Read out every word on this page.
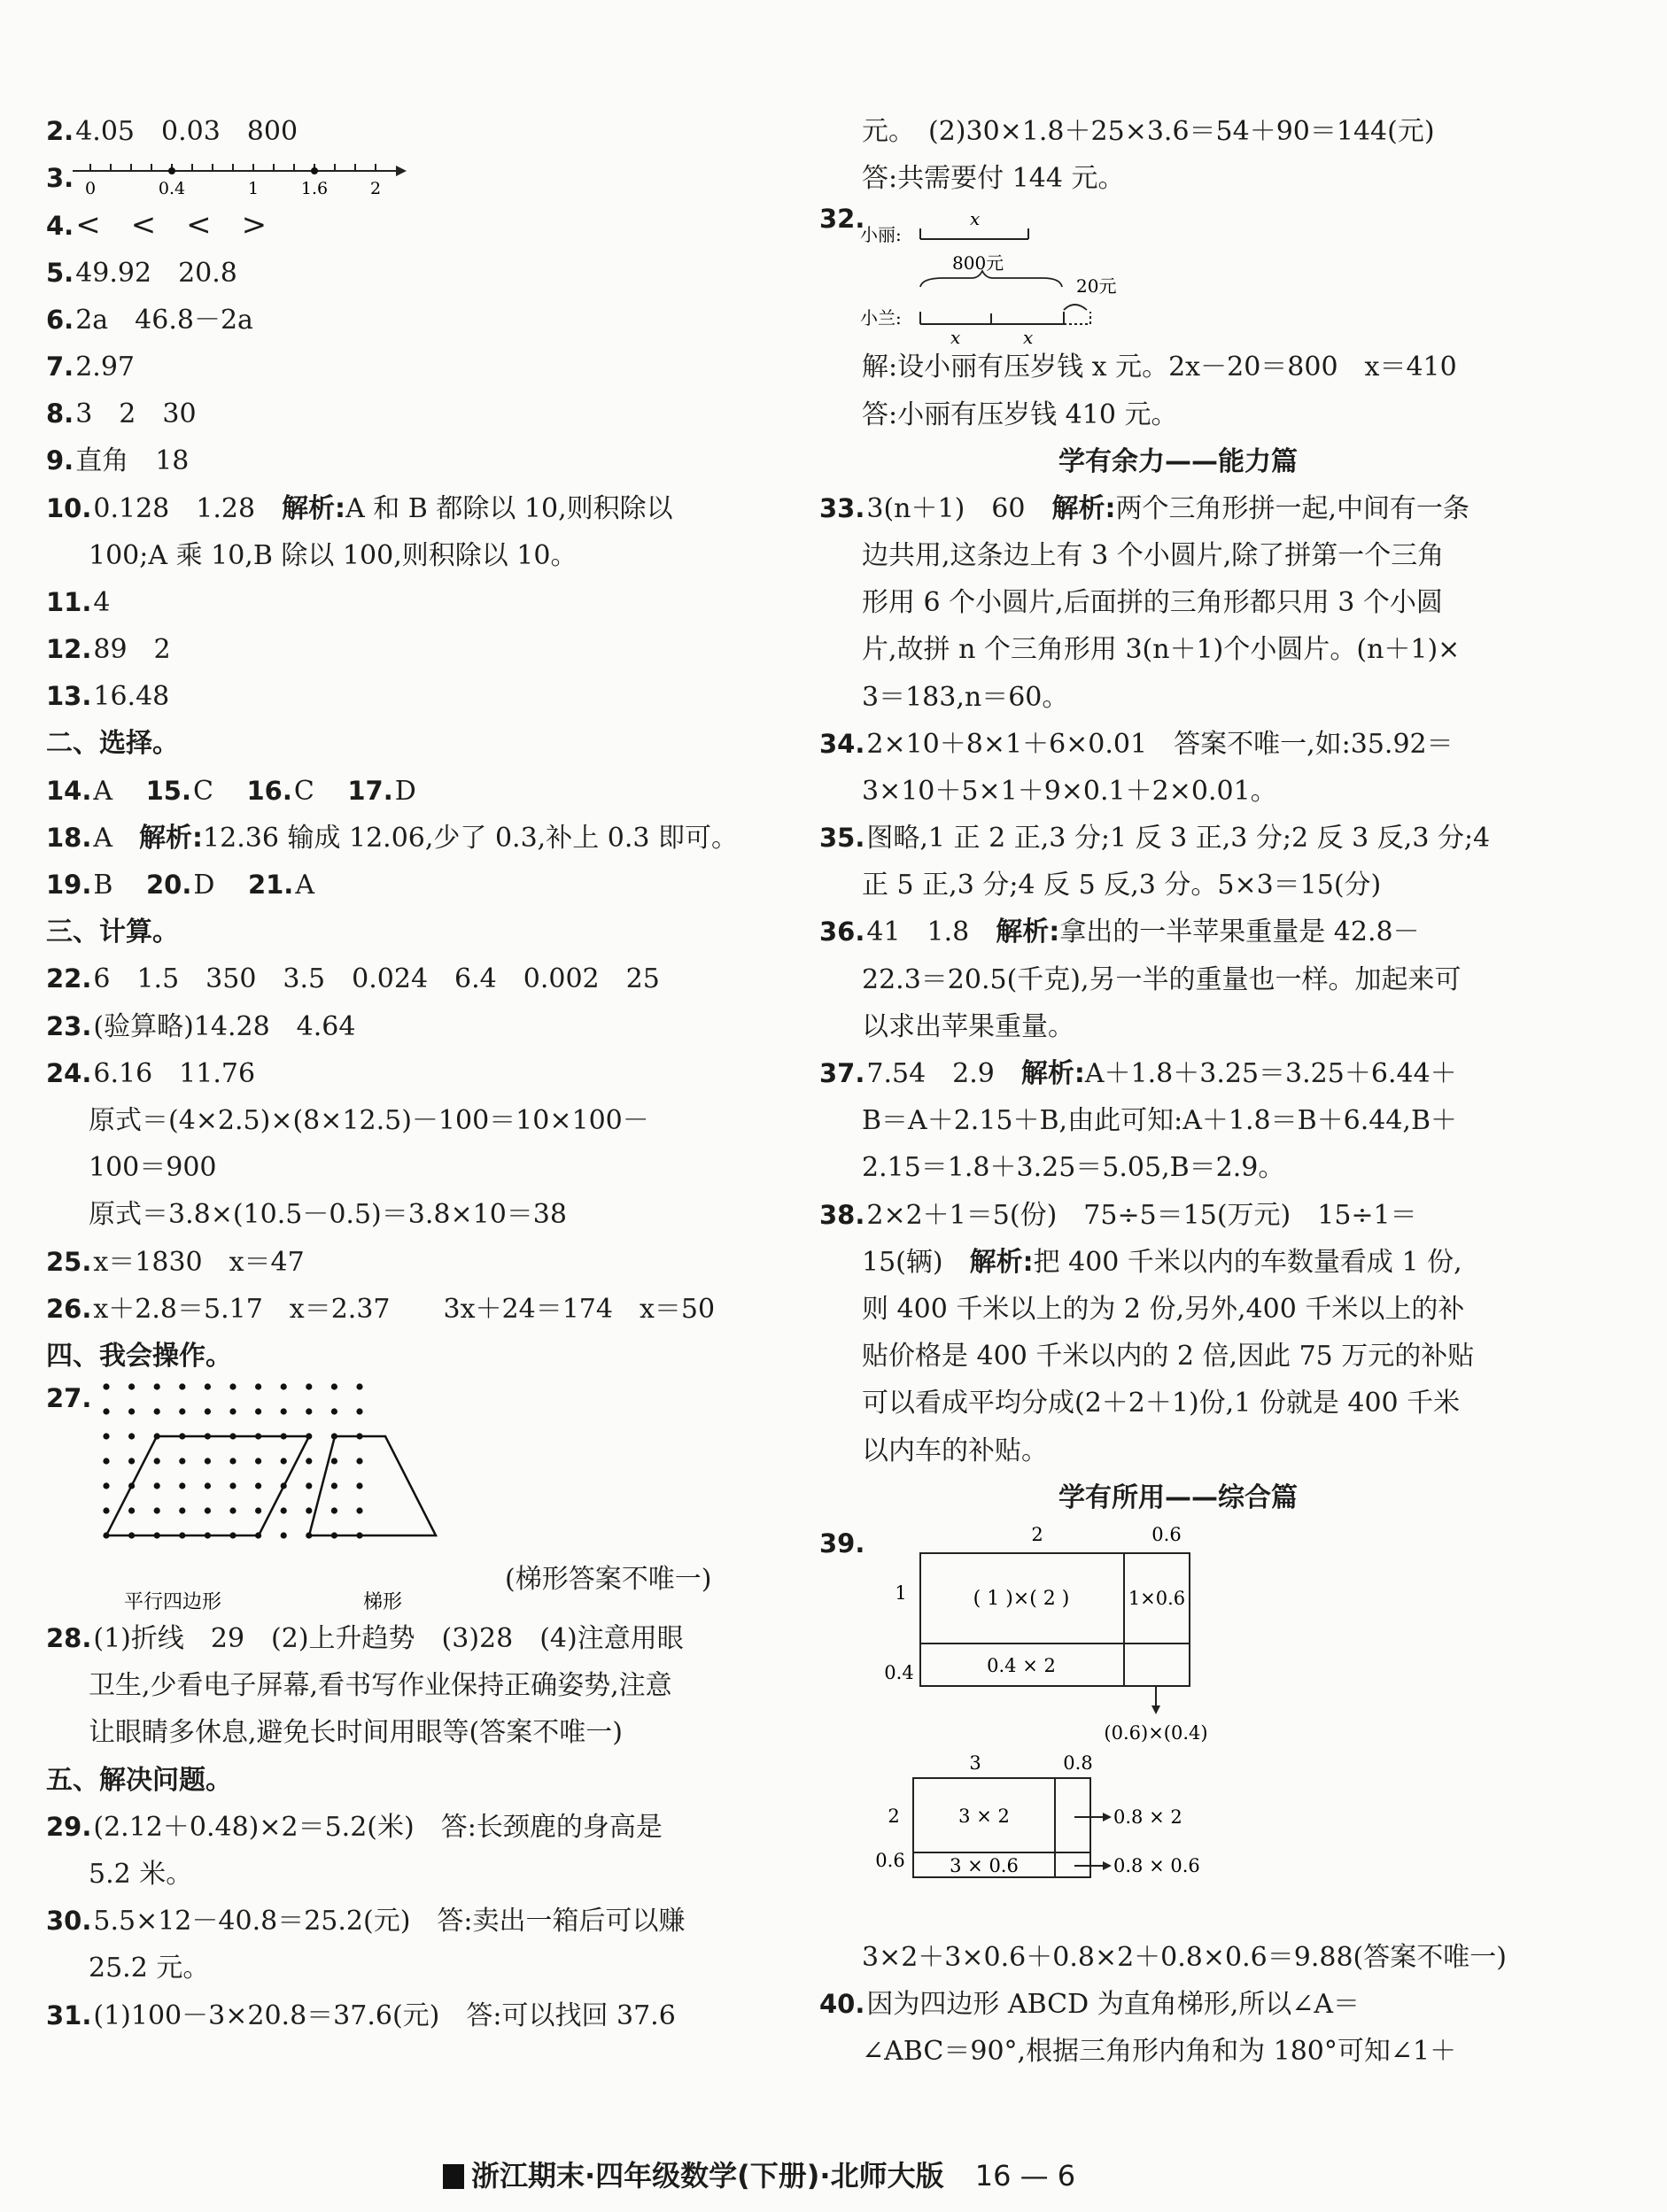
2.4.05　0.03　800
3. 0	0.4	1	1.6	2
4.<　<　<　>
5.49.92　20.8
6.2a　46.8－2a
7.2.97
8.3　2　30
9.直角　18
10.0.128　1.28　解析:A 和 B 都除以 10,则积除以
100;A 乘 10,B 除以 100,则积除以 10。
11.4
12.89　2
13.16.48
二、选择。
14.A 15.C 16.C 17.D
18.A　解析:12.36 输成 12.06,少了 0.3,补上 0.3 即可。
19.B 20.D 21.A
三、计算。
22.6　1.5　350　3.5　0.024　6.4　0.002　25
23.(验算略)14.28　4.64
24.6.16　11.76
原式＝(4×2.5)×(8×12.5)－100＝10×100－
100＝900
原式＝3.8×(10.5－0.5)＝3.8×10＝38
25.x＝1830　x＝47
26.x＋2.8＝5.17　x＝2.37　　3x＋24＝174　x＝50
四、我会操作。
27.
平行四边形	梯形
(梯形答案不唯一)
28.(1)折线　29　(2)上升趋势　(3)28　(4)注意用眼
卫生,少看电子屏幕,看书写作业保持正确姿势,注意
让眼睛多休息,避免长时间用眼等(答案不唯一)
五、解决问题。
29.(2.12＋0.48)×2＝5.2(米)　答:长颈鹿的身高是
5.2 米。
30.5.5×12－40.8＝25.2(元)　答:卖出一箱后可以赚
25.2 元。
31.(1)100－3×20.8＝37.6(元)　答:可以找回 37.6
元。　(2)30×1.8＋25×3.6＝54＋90＝144(元)
答:共需要付 144 元。
32.
小丽:
小兰:
x
800元
20元
x	x
解:设小丽有压岁钱 x 元。2x－20＝800　x＝410
答:小丽有压岁钱 410 元。
学有余力——能力篇
33.3(n＋1)　60　解析:两个三角形拼一起,中间有一条
边共用,这条边上有 3 个小圆片,除了拼第一个三角
形用 6 个小圆片,后面拼的三角形都只用 3 个小圆
片,故拼 n 个三角形用 3(n＋1)个小圆片。(n＋1)×
3＝183,n＝60。
34.2×10＋8×1＋6×0.01　答案不唯一,如:35.92＝
3×10＋5×1＋9×0.1＋2×0.01。
35.图略,1 正 2 正,3 分;1 反 3 正,3 分;2 反 3 反,3 分;4
正 5 正,3 分;4 反 5 反,3 分。5×3＝15(分)
36.41　1.8　解析:拿出的一半苹果重量是 42.8－
22.3＝20.5(千克),另一半的重量也一样。加起来可
以求出苹果重量。
37.7.54　2.9　解析:A＋1.8＋3.25＝3.25＋6.44＋
B＝A＋2.15＋B,由此可知:A＋1.8＝B＋6.44,B＋
2.15＝1.8＋3.25＝5.05,B＝2.9。
38.2×2＋1＝5(份)　75÷5＝15(万元)　15÷1＝
15(辆)　解析:把 400 千米以内的车数量看成 1 份,
则 400 千米以上的为 2 份,另外,400 千米以上的补
贴价格是 400 千米以内的 2 倍,因此 75 万元的补贴
可以看成平均分成(2＋2＋1)份,1 份就是 400 千米
以内车的补贴。
学有所用——综合篇
39.	2	0.6
1
0.4
( 1 )×( 2 )	1×0.6
0.4 × 2
(0.6)×(0.4)
3	0.8
2
0.6
3 × 2
3 × 0.6
0.8 × 2
0.8 × 0.6
3×2＋3×0.6＋0.8×2＋0.8×0.6＝9.88(答案不唯一)
40.因为四边形 ABCD 为直角梯形,所以∠A＝
∠ABC＝90°,根据三角形内角和为 180°可知∠1＋
浙江期末·四年级数学(下册)·北师大版 16 — 6
